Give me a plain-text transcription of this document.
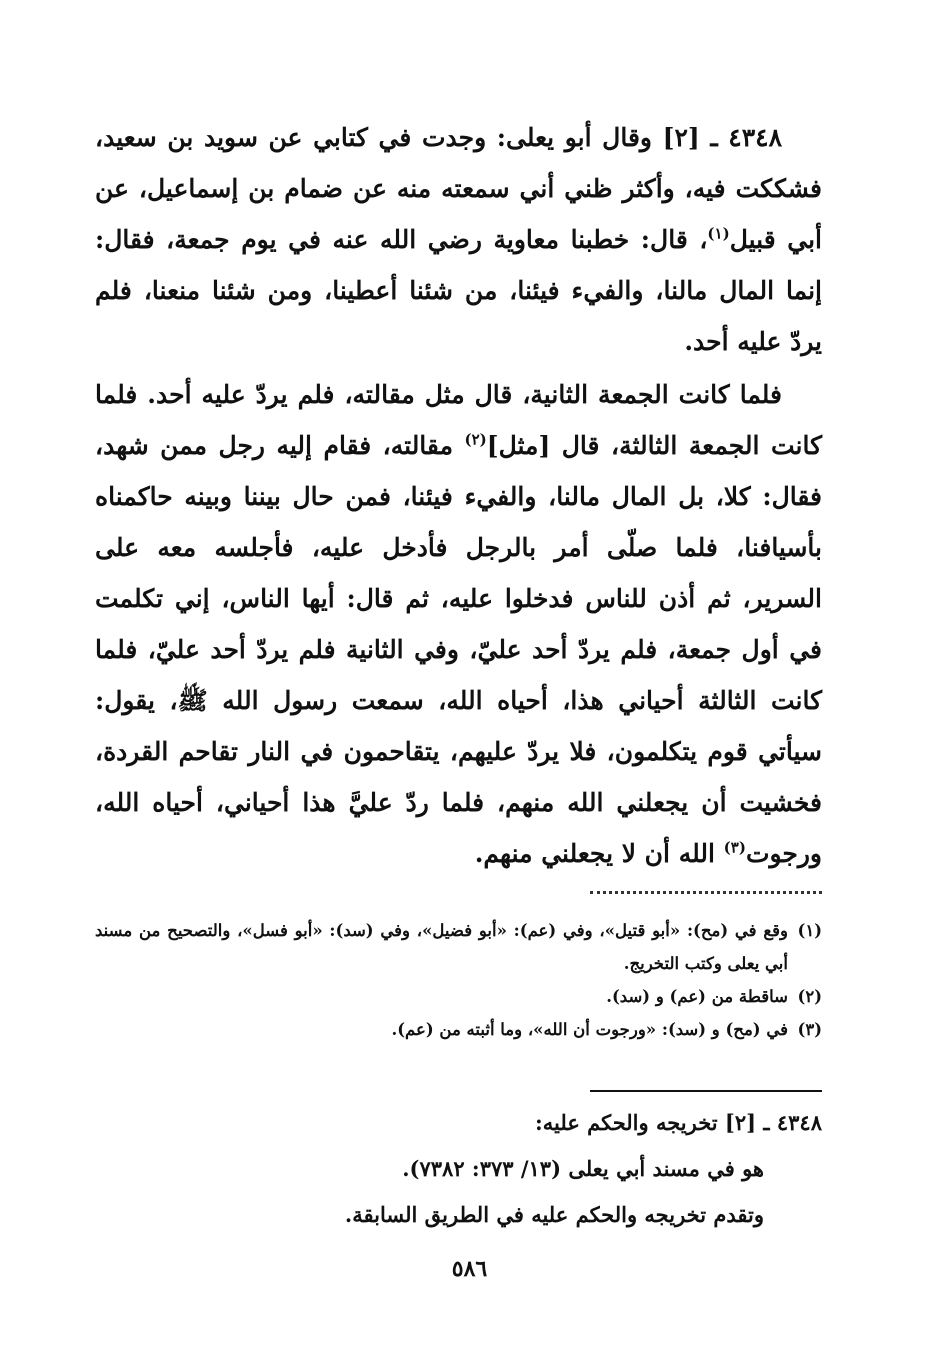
٤٣٤٨ ـ [٢] وقال أبو يعلى: وجدت في كتابي عن سويد بن سعيد، فشككت فيه، وأكثر ظني أني سمعته منه عن ضمام بن إسماعيل، عن أبي قبيل$^{(١)}$، قال: خطبنا معاوية رضي الله عنه في يوم جمعة، فقال: إنما المال مالنا، والفيء فيئنا، من شئنا أعطينا، ومن شئنا منعنا، فلم يردّ عليه أحد.

فلما كانت الجمعة الثانية، قال مثل مقالته، فلم يردّ عليه أحد. فلما كانت الجمعة الثالثة، قال [مثل]$^{(٢)}$ مقالته، فقام إليه رجل ممن شهد، فقال: كلا، بل المال مالنا، والفيء فيئنا، فمن حال بيننا وبينه حاكمناه بأسيافنا، فلما صلّى أمر بالرجل فأدخل عليه، فأجلسه معه على السرير، ثم أذن للناس فدخلوا عليه، ثم قال: أيها الناس، إني تكلمت في أول جمعة، فلم يردّ أحد عليّ، وفي الثانية فلم يردّ أحد عليّ، فلما كانت الثالثة أحياني هذا، أحياه الله، سمعت رسول الله ﷺ، يقول: سيأتي قوم يتكلمون، فلا يردّ عليهم، يتقاحمون في النار تقاحم القردة، فخشيت أن يجعلني الله منهم، فلما ردّ عليَّ هذا أحياني، أحياه الله، ورجوت$^{(٣)}$ الله أن لا يجعلني منهم.

(١)
وقع في (مح): «أبو قتيل»، وفي (عم): «أبو فضيل»، وفي (سد): «أبو فسل»، والتصحيح من مسند أبي يعلى وكتب التخريج.
(٢)
ساقطة من (عم) و (سد).
(٣)
في (مح) و (سد): «ورجوت أن الله»، وما أثبته من (عم).

٤٣٤٨ ـ [٢] تخريجه والحكم عليه:

هو في مسند أبي يعلى (١٣/ ٣٧٣: ٧٣٨٢).

وتقدم تخريجه والحكم عليه في الطريق السابقة.

٥٨٦
